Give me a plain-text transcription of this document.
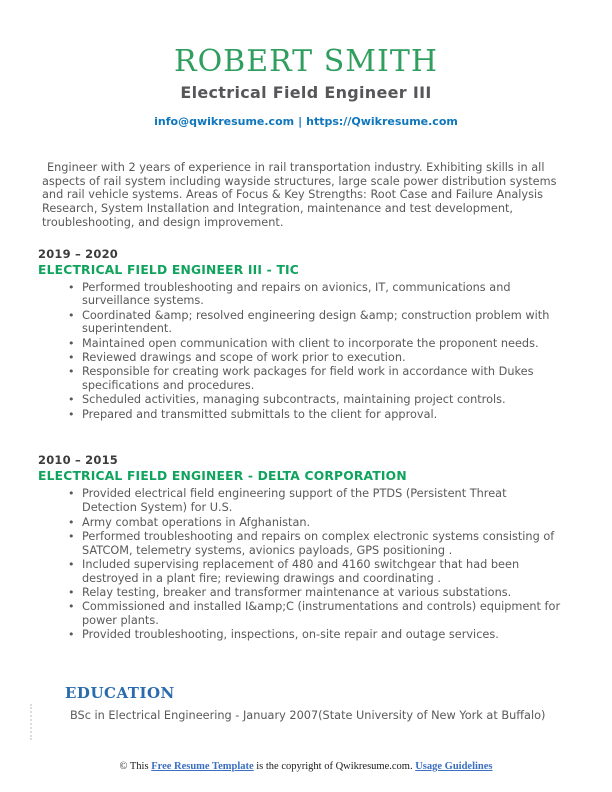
ROBERT SMITH
Electrical Field Engineer III
info@qwikresume.com | https://Qwikresume.com

Engineer with 2 years of experience in rail transportation industry. Exhibiting skills in all aspects of rail system including wayside structures, large scale power distribution systems and rail vehicle systems. Areas of Focus & Key Strengths: Root Case and Failure Analysis Research, System Installation and Integration, maintenance and test development, troubleshooting, and design improvement.

2019 – 2020
ELECTRICAL FIELD ENGINEER III - TIC
• Performed troubleshooting and repairs on avionics, IT, communications and surveillance systems.
• Coordinated &amp; resolved engineering design &amp; construction problem with superintendent.
• Maintained open communication with client to incorporate the proponent needs.
• Reviewed drawings and scope of work prior to execution.
• Responsible for creating work packages for field work in accordance with Dukes specifications and procedures.
• Scheduled activities, managing subcontracts, maintaining project controls.
• Prepared and transmitted submittals to the client for approval.
2010 – 2015
ELECTRICAL FIELD ENGINEER - DELTA CORPORATION
• Provided electrical field engineering support of the PTDS (Persistent Threat Detection System) for U.S.
• Army combat operations in Afghanistan.
• Performed troubleshooting and repairs on complex electronic systems consisting of SATCOM, telemetry systems, avionics payloads, GPS positioning .
• Included supervising replacement of 480 and 4160 switchgear that had been destroyed in a plant fire; reviewing drawings and coordinating .
• Relay testing, breaker and transformer maintenance at various substations.
• Commissioned and installed I&amp;C (instrumentations and controls) equipment for power plants.
• Provided troubleshooting, inspections, on-site repair and outage services.
EDUCATION
BSc in Electrical Engineering - January 2007(State University of New York at Buffalo)
© This Free Resume Template is the copyright of Qwikresume.com. Usage Guidelines
